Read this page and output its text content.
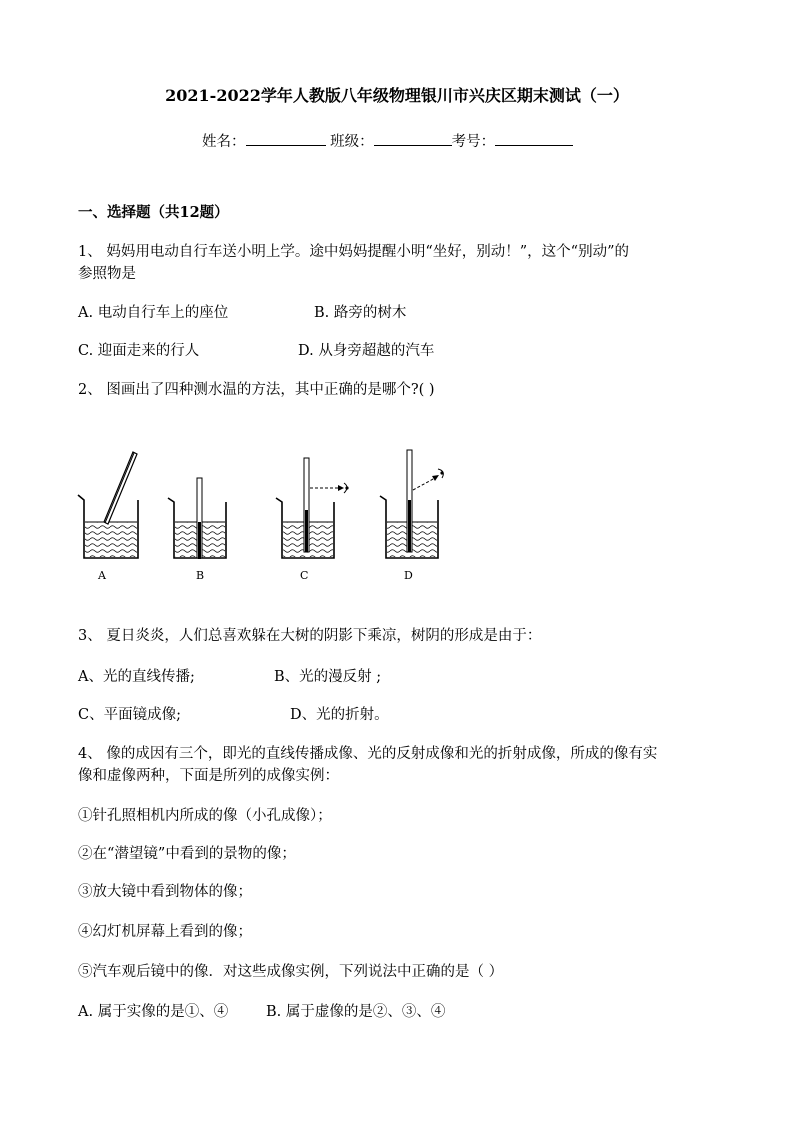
2021-2022学年人教版八年级物理银川市兴庆区期末测试（一）
姓名：	班级：	考号：
一、选择题（共12题）
1、 妈妈用电动自行车送小明上学。途中妈妈提醒小明“坐好，别动！”，这个“别动”的
参照物是
A. 电动自行车上的座位	B. 路旁的树木
C. 迎面走来的行人	D. 从身旁超越的汽车
2、 图画出了四种测水温的方法，其中正确的是哪个?( )
A	B	C	D
3、 夏日炎炎，人们总喜欢躲在大树的阴影下乘凉，树阴的形成是由于：
A、光的直线传播;	B、光的漫反射 ;
C、平面镜成像;	D、光的折射。
4、 像的成因有三个，即光的直线传播成像、光的反射成像和光的折射成像，所成的像有实
像和虚像两种，下面是所列的成像实例：
①针孔照相机内所成的像（小孔成像）；
②在“潜望镜”中看到的景物的像；
③放大镜中看到物体的像；
④幻灯机屏幕上看到的像；
⑤汽车观后镜中的像．对这些成像实例，下列说法中正确的是（ ）
A. 属于实像的是①、④	B. 属于虚像的是②、③、④
